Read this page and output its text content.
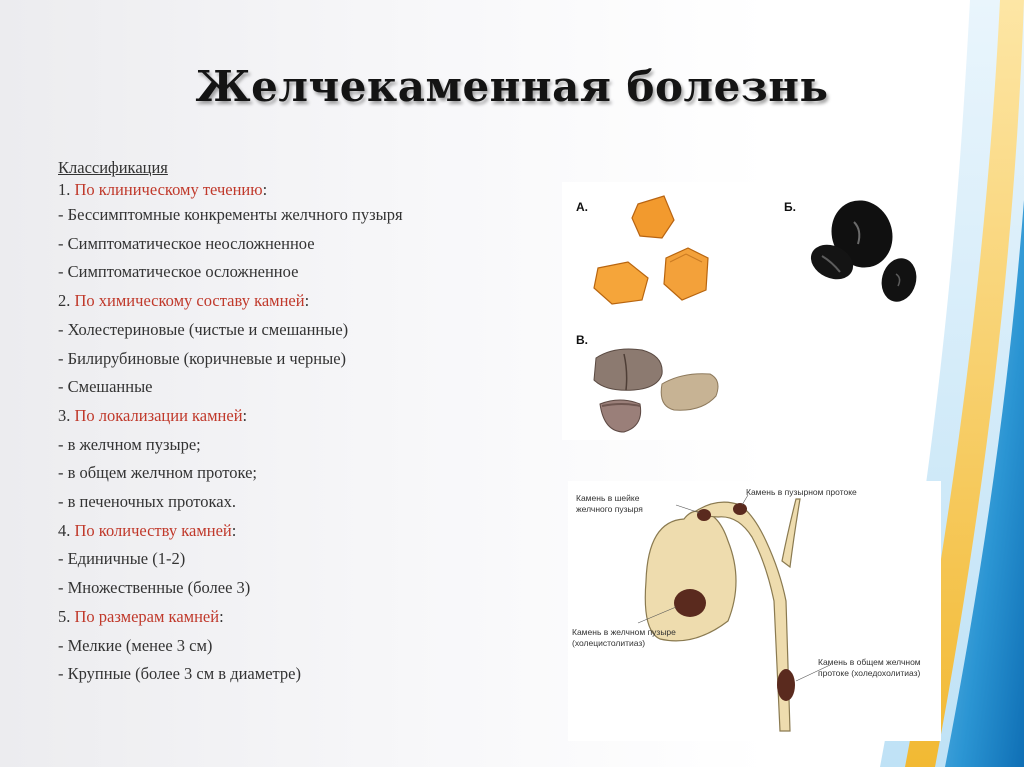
Желчекаменная болезнь
Классификация
1. По клиническому течению:
- Бессимптомные конкременты желчного пузыря
- Симптоматическое неосложненное
- Симптоматическое осложненное
2. По химическому составу камней:
- Холестериновые (чистые и смешанные)
- Билирубиновые (коричневые и черные)
- Смешанные
3. По локализации камней:
- в желчном пузыре;
- в общем желчном протоке;
- в печеночных протоках.
4. По количеству камней:
- Единичные (1-2)
- Множественные (более 3)
5. По размерам камней:
- Мелкие (менее 3 см)
- Крупные (более 3 см в диаметре)
А.	Б.
В.
Камень в шейке
желчного пузыря
Камень в пузырном протоке
Камень в желчном пузыре
(холецистолитиаз)
Камень в общем желчном
протоке (холедохолитиаз)
